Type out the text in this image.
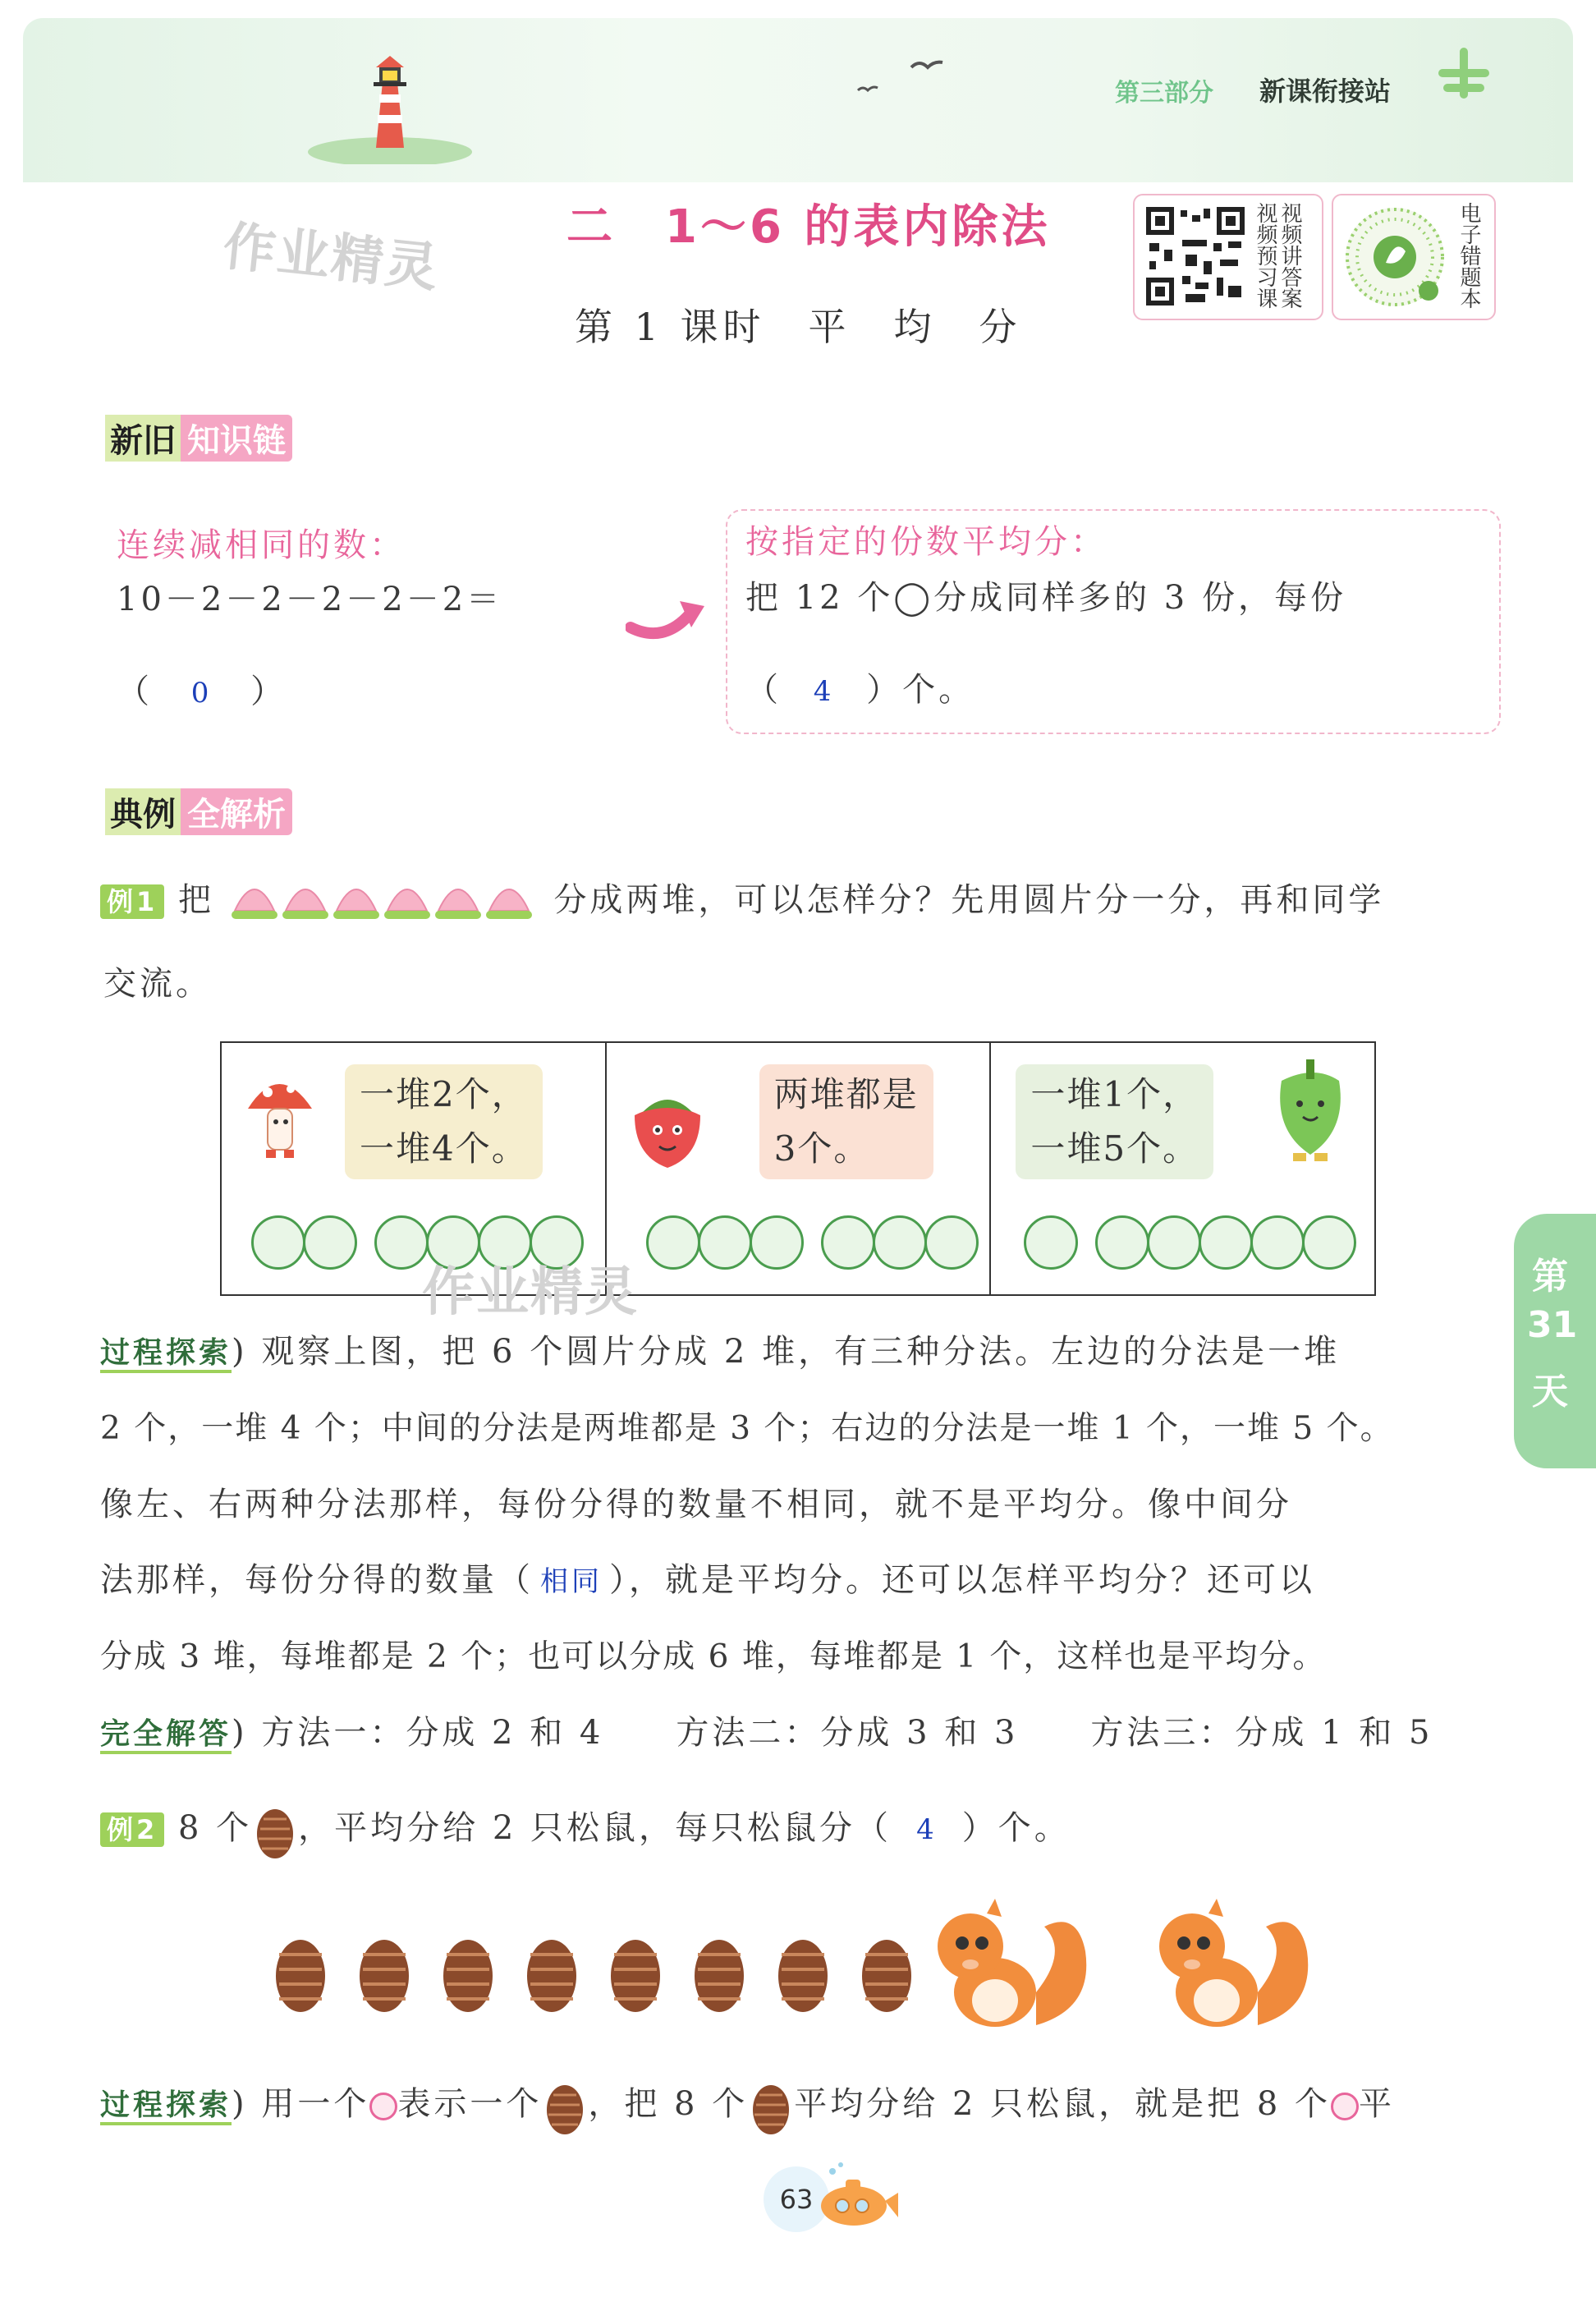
第三部分 新课衔接站
作业精灵	二　1～6 的表内除法
第 1 课时　平　均　分
视频讲答案
视频预习课	电子错题本
新旧 知识链
连续减相同的数：
10－2－2－2－2－2＝
（ 0 ）
按指定的份数平均分：
把 12 个◯分成同样多的 3 份，每份
（ 4 ）个。
典例 全解析
例1 把	分成两堆，可以怎样分？先用圆片分一分，再和同学
交流。
一堆2个，
一堆4个。
两堆都是
3个。
一堆1个，
一堆5个。
作业精灵
过程探索) 观察上图，把 6 个圆片分成 2 堆，有三种分法。左边的分法是一堆
2 个，一堆 4 个；中间的分法是两堆都是 3 个；右边的分法是一堆 1 个，一堆 5 个。
像左、右两种分法那样，每份分得的数量不相同，就不是平均分。像中间分
法那样，每份分得的数量（ 相同 ），就是平均分。还可以怎样平均分？还可以
分成 3 堆，每堆都是 2 个；也可以分成 6 堆，每堆都是 1 个，这样也是平均分。
完全解答) 方法一：分成 2 和 4　　方法二：分成 3 和 3　　方法三：分成 1 和 5
例2 8 个 ，平均分给 2 只松鼠，每只松鼠分（ 4 ）个。
过程探索) 用一个 表示一个 ，把 8 个 平均分给 2 只松鼠，就是把 8 个 平
第
31
天
63
